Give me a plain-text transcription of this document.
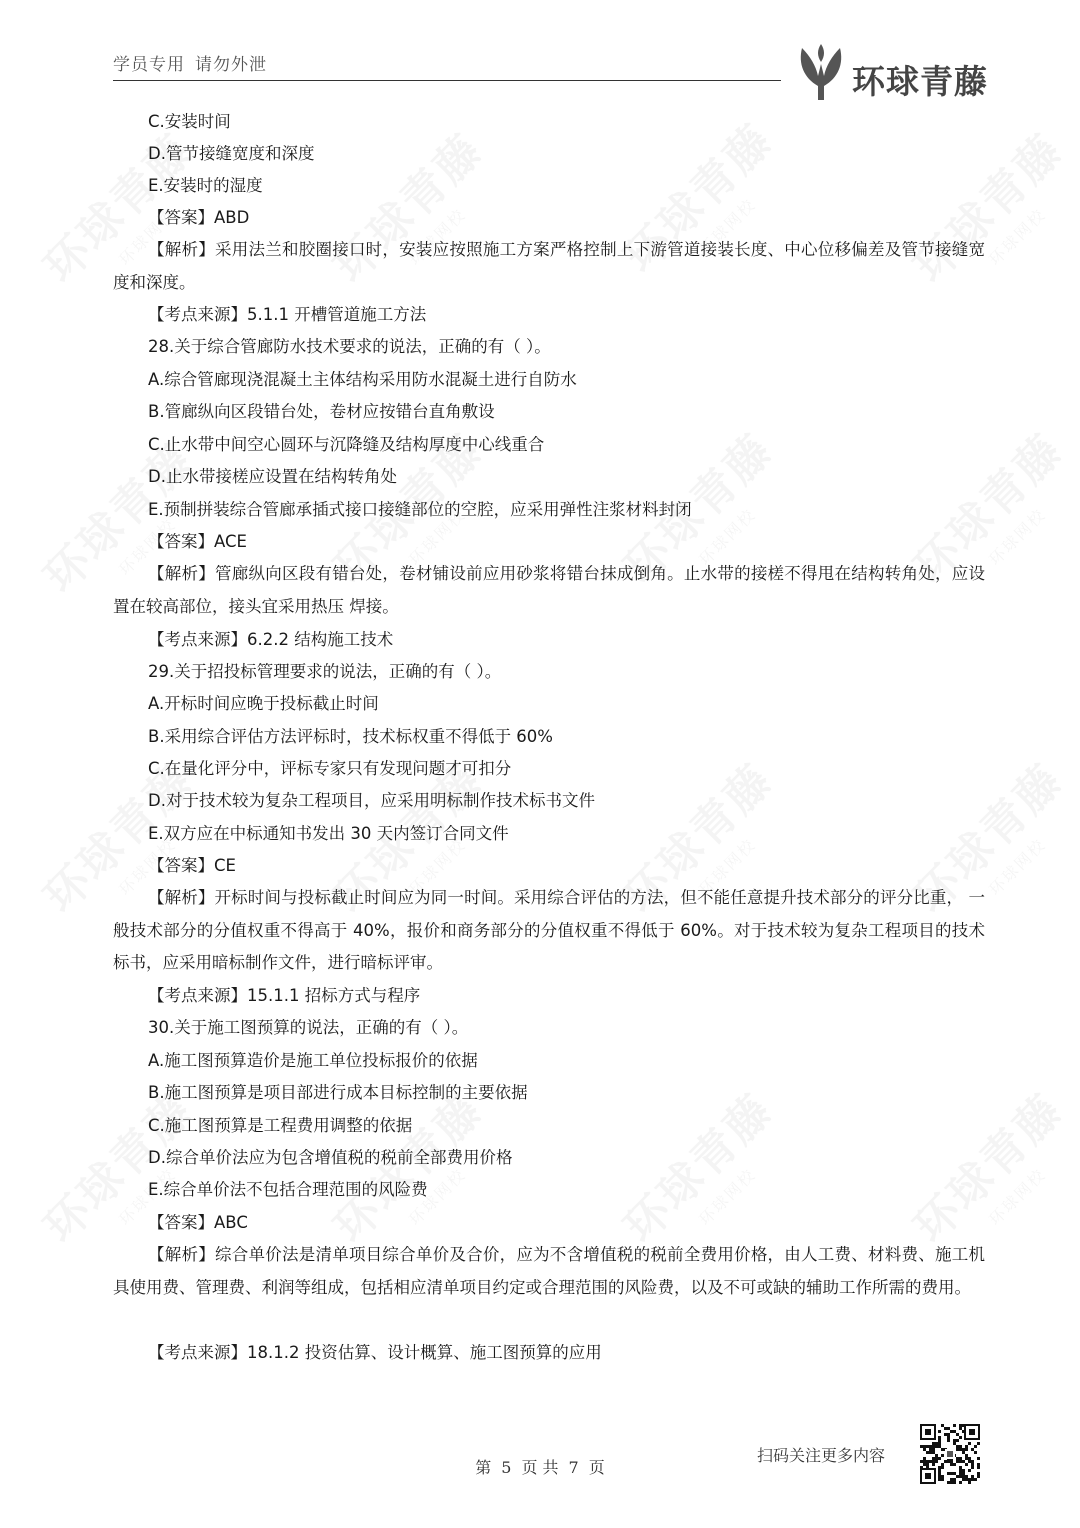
学员专用 请勿外泄	环球青藤
C.安装时间
D.管节接缝宽度和深度
E.安装时的湿度
【答案】ABD
【解析】采用法兰和胶圈接口时，安装应按照施工方案严格控制上下游管道接装长度、中心位移偏差及管节接缝宽度和深度。
【考点来源】5.1.1 开槽管道施工方法
28.关于综合管廊防水技术要求的说法，正确的有（ ）。
A.综合管廊现浇混凝土主体结构采用防水混凝土进行自防水
B.管廊纵向区段错台处，卷材应按错台直角敷设
C.止水带中间空心圆环与沉降缝及结构厚度中心线重合
D.止水带接槎应设置在结构转角处
E.预制拼装综合管廊承插式接口接缝部位的空腔，应采用弹性注浆材料封闭
【答案】ACE
【解析】管廊纵向区段有错台处，卷材铺设前应用砂浆将错台抹成倒角。止水带的接槎不得甩在结构转角处，应设置在较高部位，接头宜采用热压 焊接。
【考点来源】6.2.2 结构施工技术
29.关于招投标管理要求的说法，正确的有（ ）。
A.开标时间应晚于投标截止时间
B.采用综合评估方法评标时，技术标权重不得低于 60%
C.在量化评分中，评标专家只有发现问题才可扣分
D.对于技术较为复杂工程项目，应采用明标制作技术标书文件
E.双方应在中标通知书发出 30 天内签订合同文件
【答案】CE
【解析】开标时间与投标截止时间应为同一时间。采用综合评估的方法，但不能任意提升技术部分的评分比重， 一般技术部分的分值权重不得高于 40%，报价和商务部分的分值权重不得低于 60%。对于技术较为复杂工程项目的技术标书，应采用暗标制作文件，进行暗标评审。
【考点来源】15.1.1 招标方式与程序
30.关于施工图预算的说法，正确的有（ ）。
A.施工图预算造价是施工单位投标报价的依据
B.施工图预算是项目部进行成本目标控制的主要依据
C.施工图预算是工程费用调整的依据
D.综合单价法应为包含增值税的税前全部费用价格
E.综合单价法不包括合理范围的风险费
【答案】ABC
【解析】综合单价法是清单项目综合单价及合价，应为不含增值税的税前全费用价格，由人工费、材料费、施工机具使用费、管理费、利润等组成，包括相应清单项目约定或合理范围的风险费，以及不可或缺的辅助工作所需的费用。
【考点来源】18.1.2 投资估算、设计概算、施工图预算的应用
第 5 页 共 7 页
扫码关注更多内容
